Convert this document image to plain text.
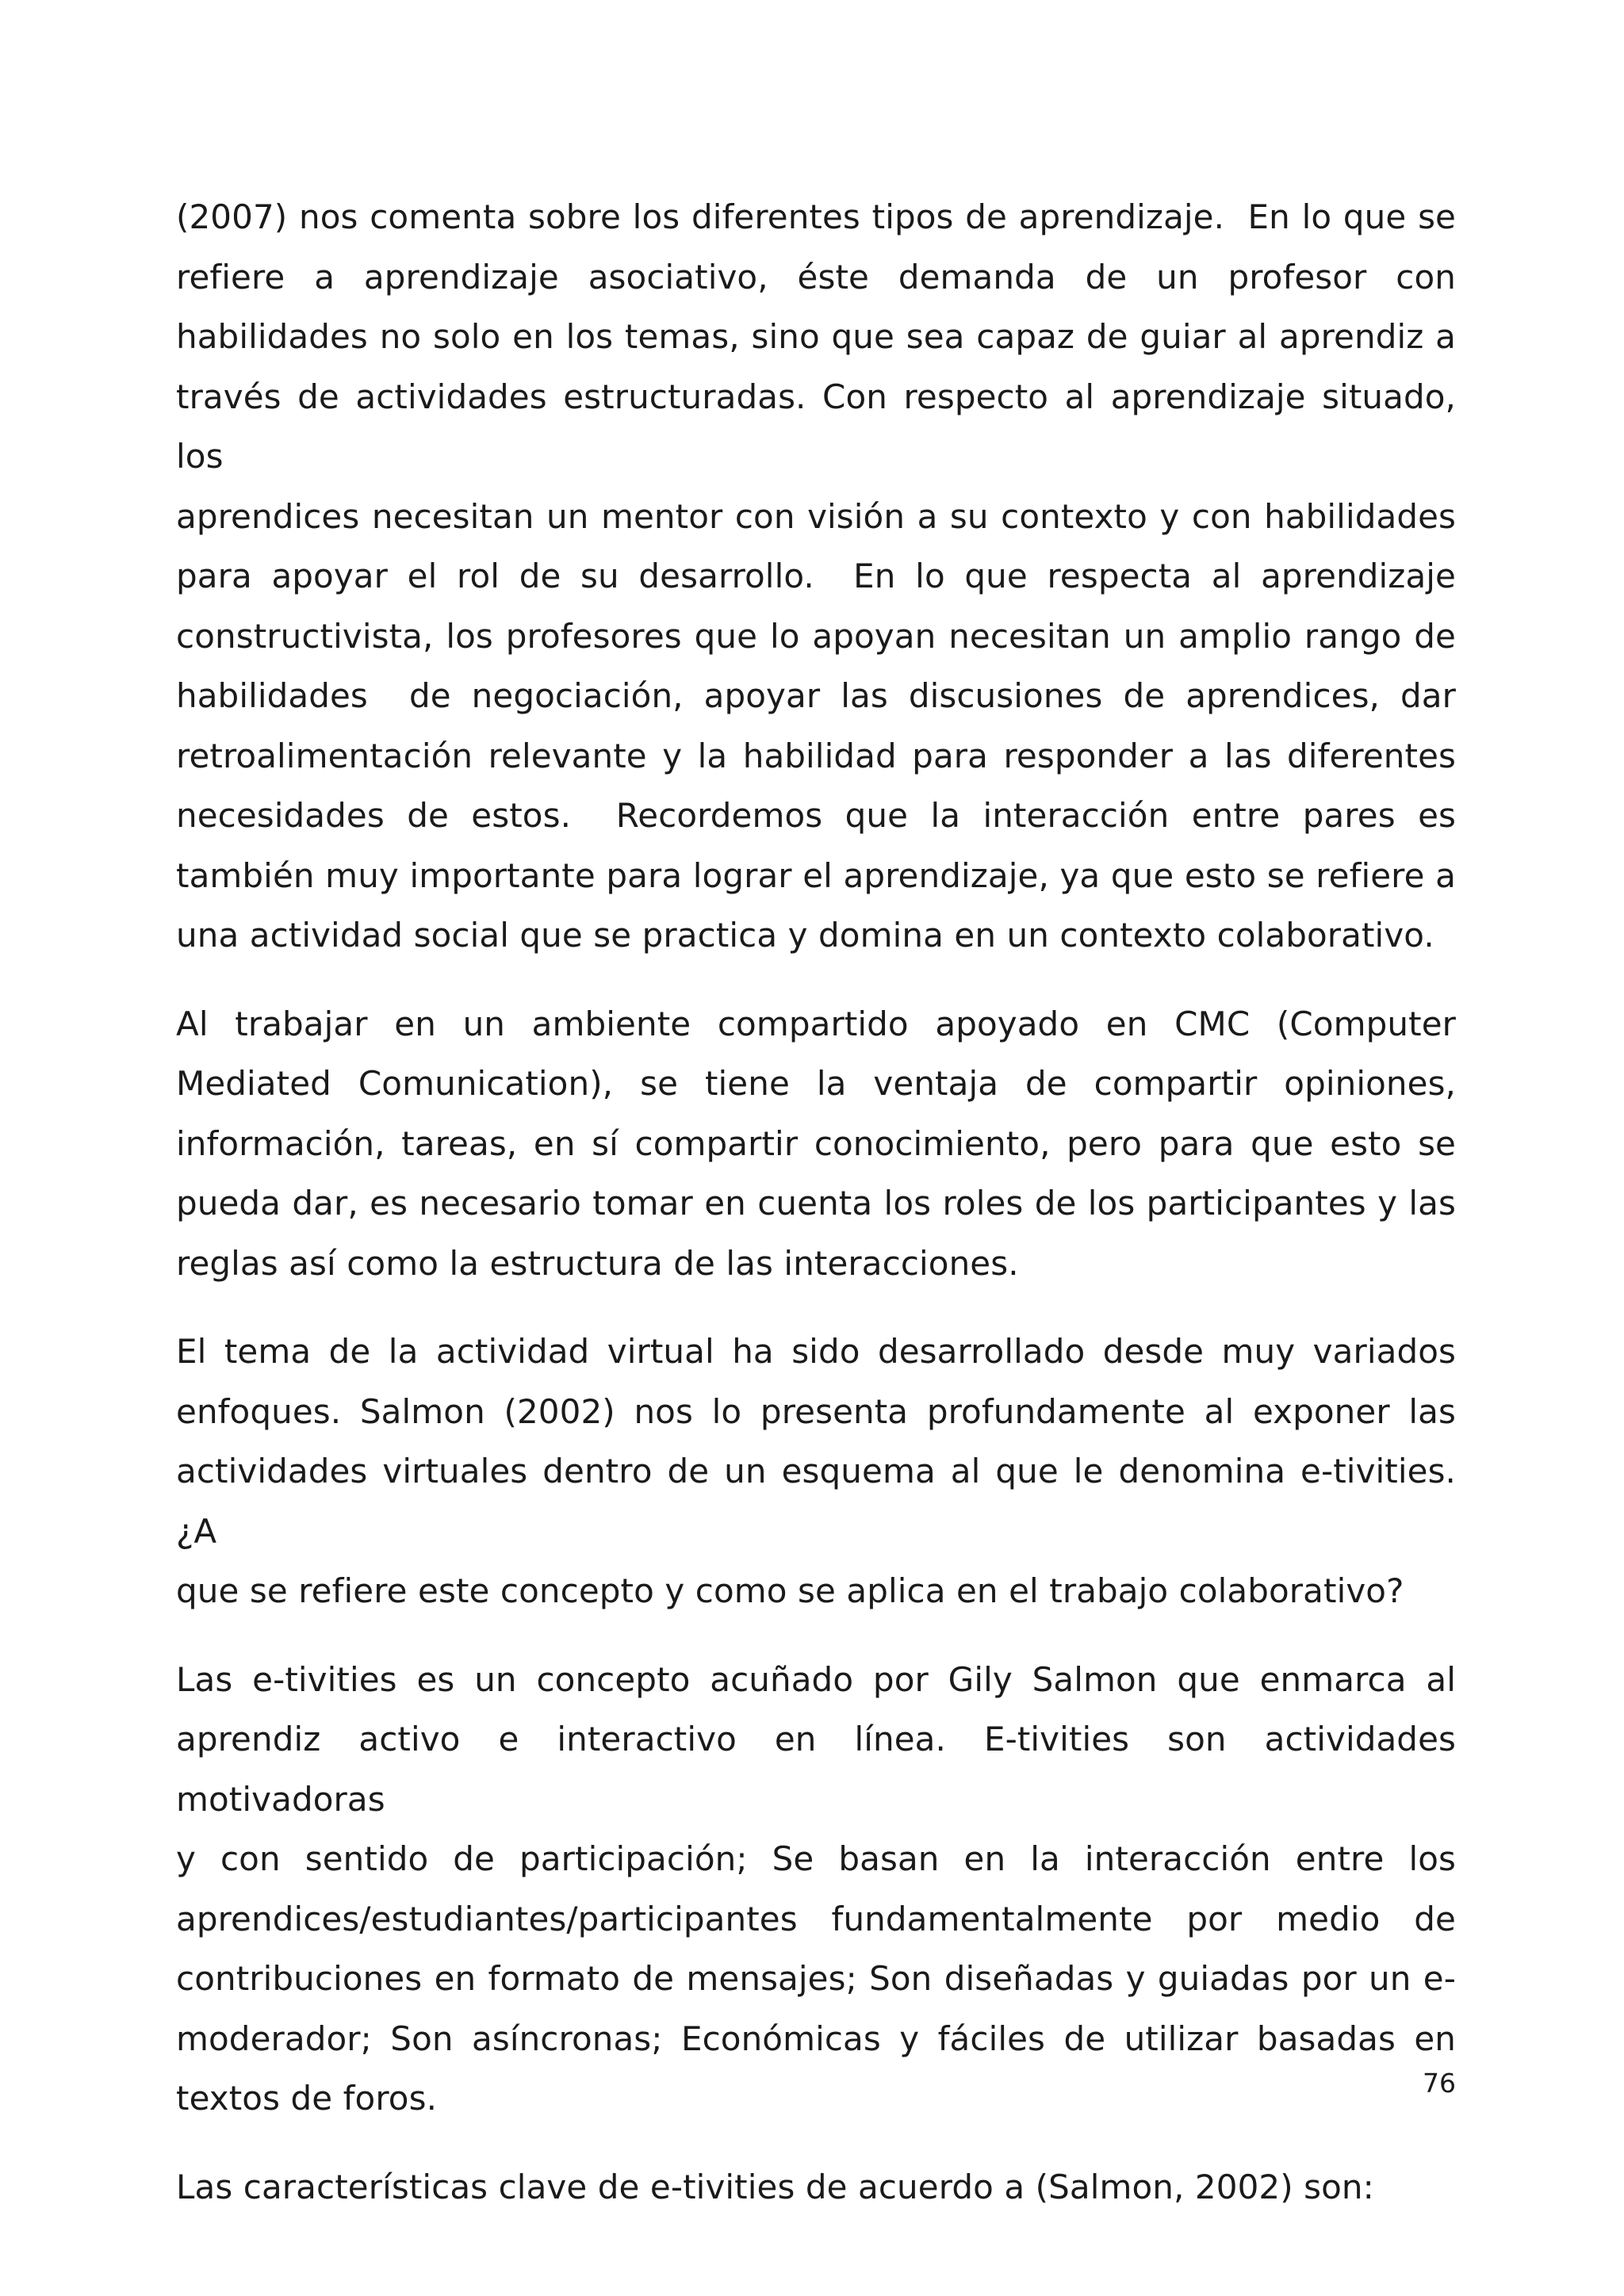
(2007) nos comenta sobre los diferentes tipos de aprendizaje.  En lo que se
refiere a aprendizaje asociativo, éste demanda de un profesor con
habilidades no solo en los temas, sino que sea capaz de guiar al aprendiz a
través de actividades estructuradas. Con respecto al aprendizaje situado, los
aprendices necesitan un mentor con visión a su contexto y con habilidades
para apoyar el rol de su desarrollo.  En lo que respecta al aprendizaje
constructivista, los profesores que lo apoyan necesitan un amplio rango de
habilidades  de negociación, apoyar las discusiones de aprendices, dar
retroalimentación relevante y la habilidad para responder a las diferentes
necesidades de estos.  Recordemos que la interacción entre pares es
también muy importante para lograr el aprendizaje, ya que esto se refiere a
una actividad social que se practica y domina en un contexto colaborativo.

Al trabajar en un ambiente compartido apoyado en CMC (Computer
Mediated Comunication), se tiene la ventaja de compartir opiniones,
información, tareas, en sí compartir conocimiento, pero para que esto se
pueda dar, es necesario tomar en cuenta los roles de los participantes y las
reglas así como la estructura de las interacciones.

El tema de la actividad virtual ha sido desarrollado desde muy variados
enfoques. Salmon (2002) nos lo presenta profundamente al exponer las
actividades virtuales dentro de un esquema al que le denomina e-tivities. ¿A
que se refiere este concepto y como se aplica en el trabajo colaborativo?

Las e-tivities es un concepto acuñado por Gily Salmon que enmarca al
aprendiz activo e interactivo en línea. E-tivities son actividades motivadoras
y con sentido de participación; Se basan en la interacción entre los
aprendices/estudiantes/participantes fundamentalmente por medio de
contribuciones en formato de mensajes; Son diseñadas y guiadas por un e-
moderador; Son asíncronas; Económicas y fáciles de utilizar basadas en
textos de foros.

Las características clave de e-tivities de acuerdo a (Salmon, 2002) son:

76
